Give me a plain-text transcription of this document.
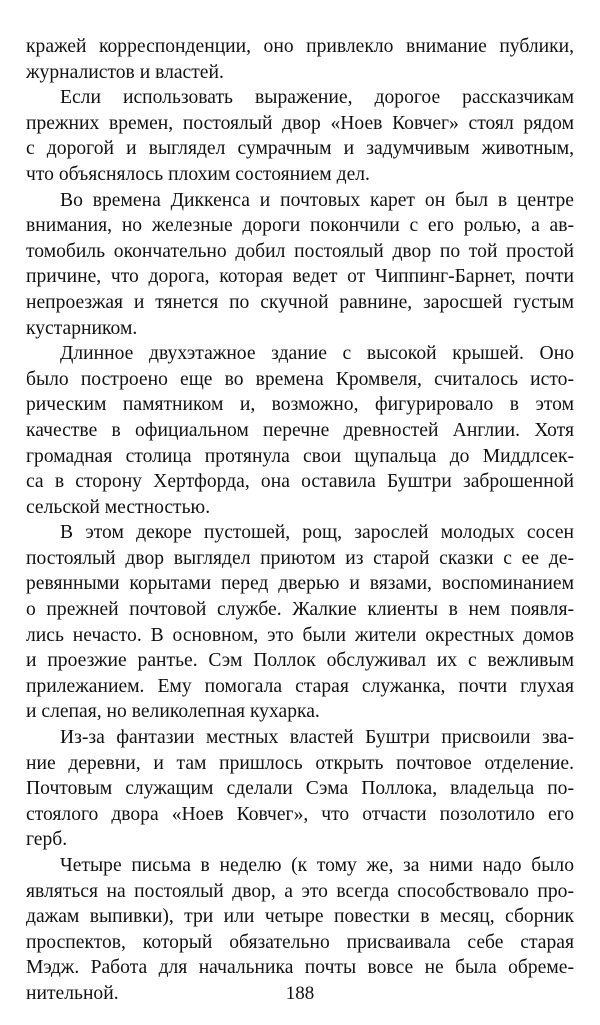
кражей корреспонденции, оно привлекло внимание публики,
журналистов и властей.
Если использовать выражение, дорогое рассказчикам
прежних времен, постоялый двор «Ноев Ковчег» стоял рядом
с дорогой и выглядел сумрачным и задумчивым животным,
что объяснялось плохим состоянием дел.
Во времена Диккенса и почтовых карет он был в центре
внимания, но железные дороги покончили с его ролью, а ав-
томобиль окончательно добил постоялый двор по той простой
причине, что дорога, которая ведет от Чиппинг-Барнет, почти
непроезжая и тянется по скучной равнине, заросшей густым
кустарником.
Длинное двухэтажное здание с высокой крышей. Оно
было построено еще во времена Кромвеля, считалось исто-
рическим памятником и, возможно, фигурировало в этом
качестве в официальном перечне древностей Англии. Хотя
громадная столица протянула свои щупальца до Миддлсек-
са в сторону Хертфорда, она оставила Буштри заброшенной
сельской местностью.
В этом декоре пустошей, рощ, зарослей молодых сосен
постоялый двор выглядел приютом из старой сказки с ее де-
ревянными корытами перед дверью и вязами, воспоминанием
о прежней почтовой службе. Жалкие клиенты в нем появля-
лись нечасто. В основном, это были жители окрестных домов
и проезжие рантье. Сэм Поллок обслуживал их с вежливым
прилежанием. Ему помогала старая служанка, почти глухая
и слепая, но великолепная кухарка.
Из-за фантазии местных властей Буштри присвоили зва-
ние деревни, и там пришлось открыть почтовое отделение.
Почтовым служащим сделали Сэма Поллока, владельца по-
стоялого двора «Ноев Ковчег», что отчасти позолотило его
герб.
Четыре письма в неделю (к тому же, за ними надо было
являться на постоялый двор, а это всегда способствовало про-
дажам выпивки), три или четыре повестки в месяц, сборник
проспектов, который обязательно присваивала себе старая
Мэдж. Работа для начальника почты вовсе не была обреме-
нительной.	188
